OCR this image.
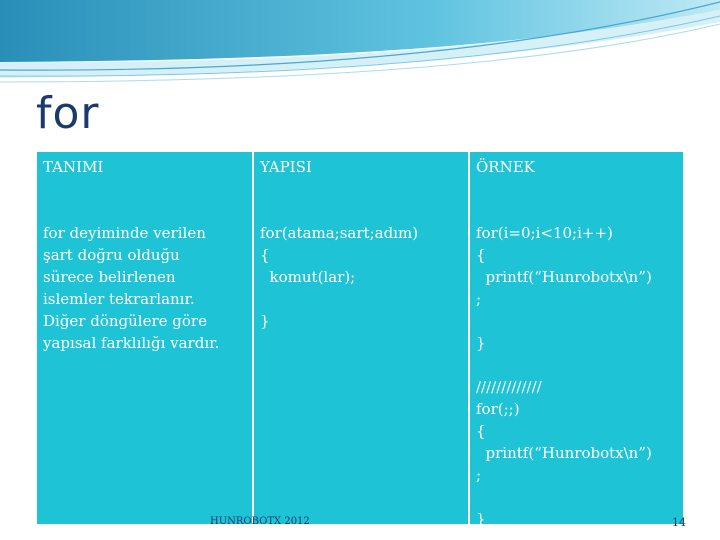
for
TANIMI
for deyiminde verilen
şart doğru olduğu
sürece belirlenen
islemler tekrarlanır.
Diğer döngülere göre
yapısal farklılığı vardır.
YAPISI
for(atama;sart;adım)
{
komut(lar);

}
ÖRNEK
for(i=0;i<10;i++)
{
printf(“Hunrobotx\n”)
;

}

/////////////
for(;;)
{
printf(“Hunrobotx\n”)
;

}
HUNROBOTX 2012	14
